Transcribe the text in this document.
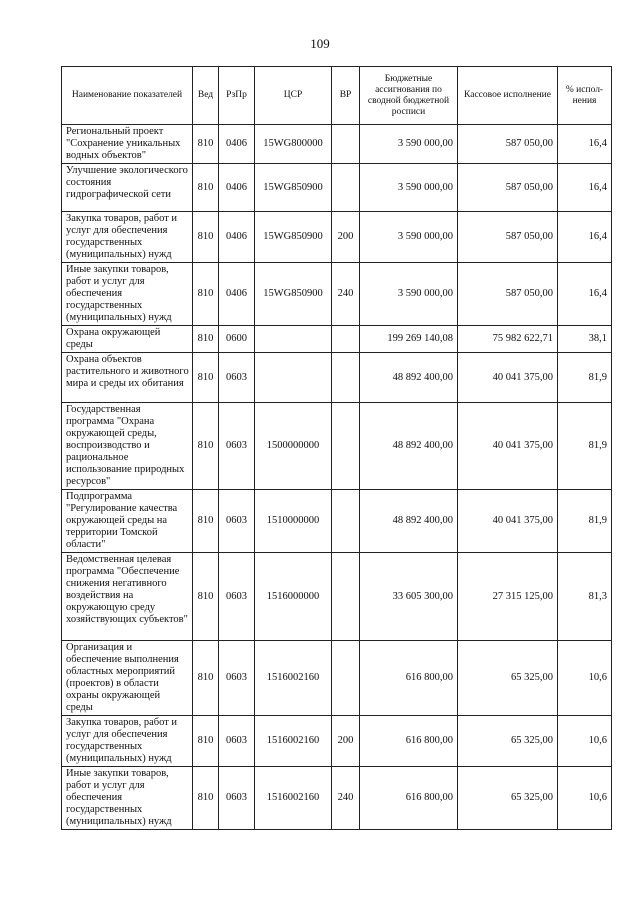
109
Наименование показателей	Вед	РзПр	ЦСР	ВР	Бюджетные ассигнования по сводной бюджетной росписи	Кассовое исполнение	% испол-нения
Региональный проект "Сохранение уникальных водных объектов"	810	0406	15WG800000		3 590 000,00	587 050,00	16,4
Улучшение экологического состояния гидрографической сети	810	0406	15WG850900		3 590 000,00	587 050,00	16,4
Закупка товаров, работ и услуг для обеспечения государственных (муниципальных) нужд	810	0406	15WG850900	200	3 590 000,00	587 050,00	16,4
Иные закупки товаров, работ и услуг для обеспечения государственных (муниципальных) нужд	810	0406	15WG850900	240	3 590 000,00	587 050,00	16,4
Охрана окружающей среды	810	0600			199 269 140,08	75 982 622,71	38,1
Охрана объектов растительного и животного мира и среды их обитания	810	0603			48 892 400,00	40 041 375,00	81,9
Государственная программа "Охрана окружающей среды, воспроизводство и рациональное использование природных ресурсов"	810	0603	1500000000		48 892 400,00	40 041 375,00	81,9
Подпрограмма "Регулирование качества окружающей среды на территории Томской области"	810	0603	1510000000		48 892 400,00	40 041 375,00	81,9
Ведомственная целевая программа "Обеспечение снижения негативного воздействия на окружающую среду хозяйствующих субъектов"	810	0603	1516000000		33 605 300,00	27 315 125,00	81,3
Организация и обеспечение выполнения областных мероприятий (проектов) в области охраны окружающей среды	810	0603	1516002160		616 800,00	65 325,00	10,6
Закупка товаров, работ и услуг для обеспечения государственных (муниципальных) нужд	810	0603	1516002160	200	616 800,00	65 325,00	10,6
Иные закупки товаров, работ и услуг для обеспечения государственных (муниципальных) нужд	810	0603	1516002160	240	616 800,00	65 325,00	10,6
